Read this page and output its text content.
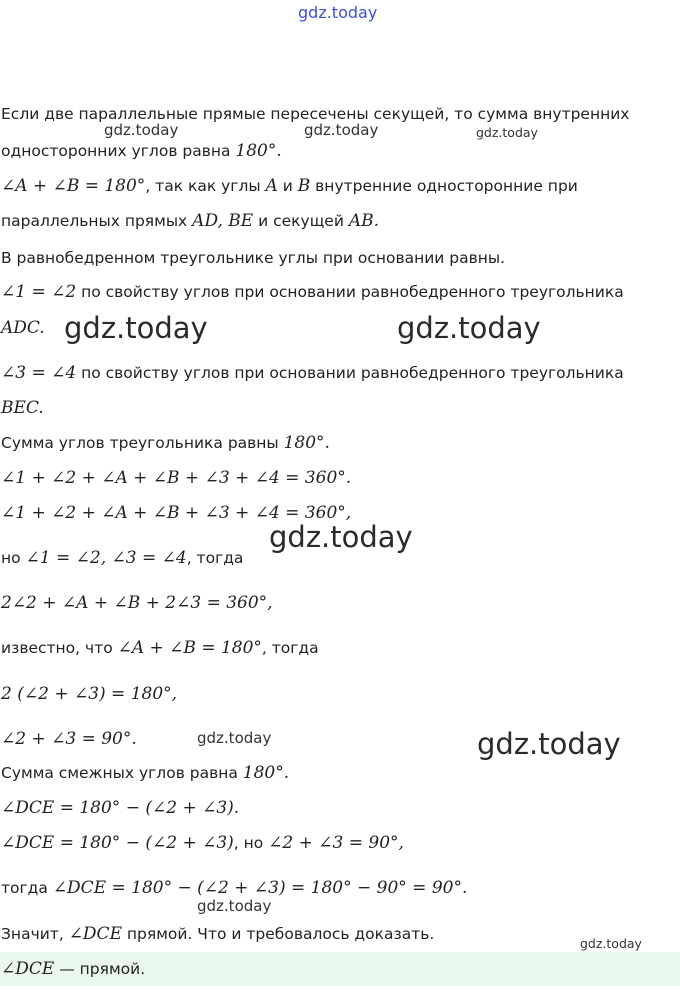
gdz.today
gdz.today	gdz.today	gdz.today
gdz.today	gdz.today
gdz.today
gdz.today	gdz.today
gdz.today
gdz.today
Если две параллельные прямые пересечены секущей, то сумма внутренних
односторонних углов равна 180°.
∠A + ∠B = 180°, так как углы A и B внутренние односторонние при
параллельных прямых AD, BE и секущей AB.
В равнобедренном треугольнике углы при основании равны.
∠1 = ∠2 по свойству углов при основании равнобедренного треугольника
ADC.
∠3 = ∠4 по свойству углов при основании равнобедренного треугольника
BEC.
Сумма углов треугольника равны 180°.
∠1 + ∠2 + ∠A + ∠B + ∠3 + ∠4 = 360°.
∠1 + ∠2 + ∠A + ∠B + ∠3 + ∠4 = 360°,
но ∠1 = ∠2, ∠3 = ∠4, тогда
2∠2 + ∠A + ∠B + 2∠3 = 360°,
известно, что ∠A + ∠B = 180°, тогда
2 (∠2 + ∠3) = 180°,
∠2 + ∠3 = 90°.
Сумма смежных углов равна 180°.
∠DCE = 180° − (∠2 + ∠3).
∠DCE = 180° − (∠2 + ∠3), но ∠2 + ∠3 = 90°,
тогда ∠DCE = 180° − (∠2 + ∠3) = 180° − 90° = 90°.
Значит, ∠DCE прямой. Что и требовалось доказать.
∠DCE — прямой.
